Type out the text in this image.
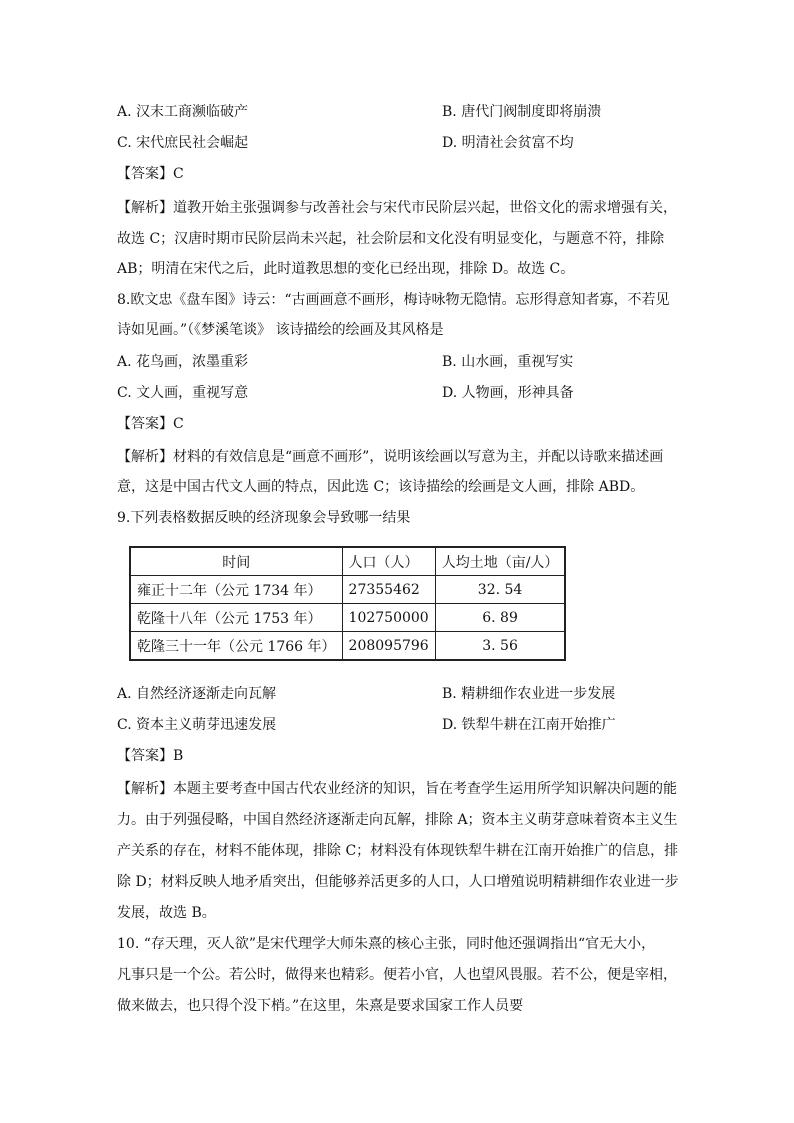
A. 汉末工商濒临破产	B. 唐代门阀制度即将崩溃
C. 宋代庶民社会崛起	D. 明清社会贫富不均
【答案】C
【解析】道教开始主张强调参与改善社会与宋代市民阶层兴起，世俗文化的需求增强有关，
故选 C；汉唐时期市民阶层尚未兴起，社会阶层和文化没有明显变化，与题意不符，排除
AB；明清在宋代之后，此时道教思想的变化已经出现，排除 D。故选 C。
8.欧文忠《盘车图》诗云：“古画画意不画形，梅诗咏物无隐情。忘形得意知者寡，不若见
诗如见画。”（《梦溪笔谈》 该诗描绘的绘画及其风格是
A. 花鸟画，浓墨重彩	B. 山水画，重视写实
C. 文人画，重视写意	D. 人物画，形神具备
【答案】C
【解析】材料的有效信息是“画意不画形”，说明该绘画以写意为主，并配以诗歌来描述画
意，这是中国古代文人画的特点，因此选 C；该诗描绘的绘画是文人画，排除 ABD。
9.下列表格数据反映的经济现象会导致哪一结果
时间	人口（人）	人均土地（亩/人）
雍正十二年（公元 1734 年）	27355462	32. 54
乾隆十八年（公元 1753 年）	102750000	6. 89
乾隆三十一年（公元 1766 年）	208095796	3. 56
A. 自然经济逐渐走向瓦解	B. 精耕细作农业进一步发展
C. 资本主义萌芽迅速发展	D. 铁犁牛耕在江南开始推广
【答案】B
【解析】本题主要考查中国古代农业经济的知识，旨在考查学生运用所学知识解决问题的能
力。由于列强侵略，中国自然经济逐渐走向瓦解，排除 A；资本主义萌芽意味着资本主义生
产关系的存在，材料不能体现，排除 C；材料没有体现铁犁牛耕在江南开始推广的信息，排
除 D；材料反映人地矛盾突出，但能够养活更多的人口，人口增殖说明精耕细作农业进一步
发展，故选 B。
10. “存天理，灭人欲”是宋代理学大师朱熹的核心主张，同时他还强调指出“官无大小，
凡事只是一个公。若公时，做得来也精彩。便若小官，人也望风畏服。若不公，便是宰相，
做来做去，也只得个没下梢。”在这里，朱熹是要求国家工作人员要
